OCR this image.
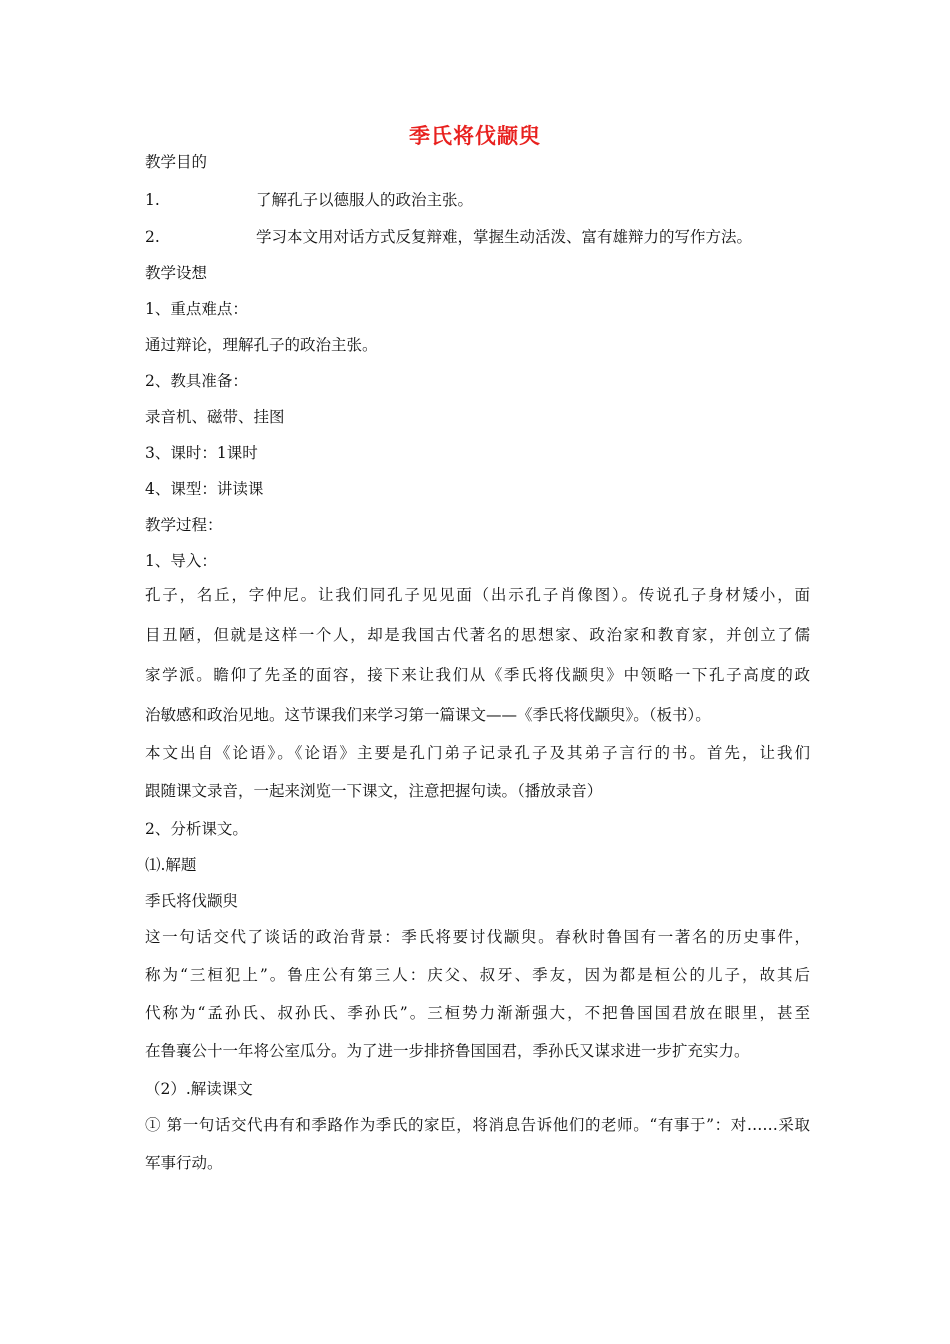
季氏将伐颛臾
教学目的
1.	了解孔子以德服人的政治主张。
2.	学习本文用对话方式反复辩难，掌握生动活泼、富有雄辩力的写作方法。
教学设想
1、重点难点：
通过辩论，理解孔子的政治主张。
2、教具准备：
录音机、磁带、挂图
3、课时：1课时
4、课型：讲读课
教学过程：
1、导入：
孔子，名丘，字仲尼。让我们同孔子见见面（出示孔子肖像图）。传说孔子身材矮小，面
目丑陋，但就是这样一个人，却是我国古代著名的思想家、政治家和教育家，并创立了儒
家学派。瞻仰了先圣的面容，接下来让我们从《季氏将伐颛臾》中领略一下孔子高度的政
治敏感和政治见地。这节课我们来学习第一篇课文——《季氏将伐颛臾》。（板书）。
本文出自《论语》。《论语》主要是孔门弟子记录孔子及其弟子言行的书。首先，让我们
跟随课文录音，一起来浏览一下课文，注意把握句读。（播放录音）
2、分析课文。
⑴.解题
季氏将伐颛臾
这一句话交代了谈话的政治背景：季氏将要讨伐颛臾。春秋时鲁国有一著名的历史事件，
称为“三桓犯上”。鲁庄公有第三人：庆父、叔牙、季友，因为都是桓公的儿子，故其后
代称为“孟孙氏、叔孙氏、季孙氏”。三桓势力渐渐强大，不把鲁国国君放在眼里，甚至
在鲁襄公十一年将公室瓜分。为了进一步排挤鲁国国君，季孙氏又谋求进一步扩充实力。
（2）.解读课文
① 第一句话交代冉有和季路作为季氏的家臣，将消息告诉他们的老师。“有事于”：对……采取
军事行动。
